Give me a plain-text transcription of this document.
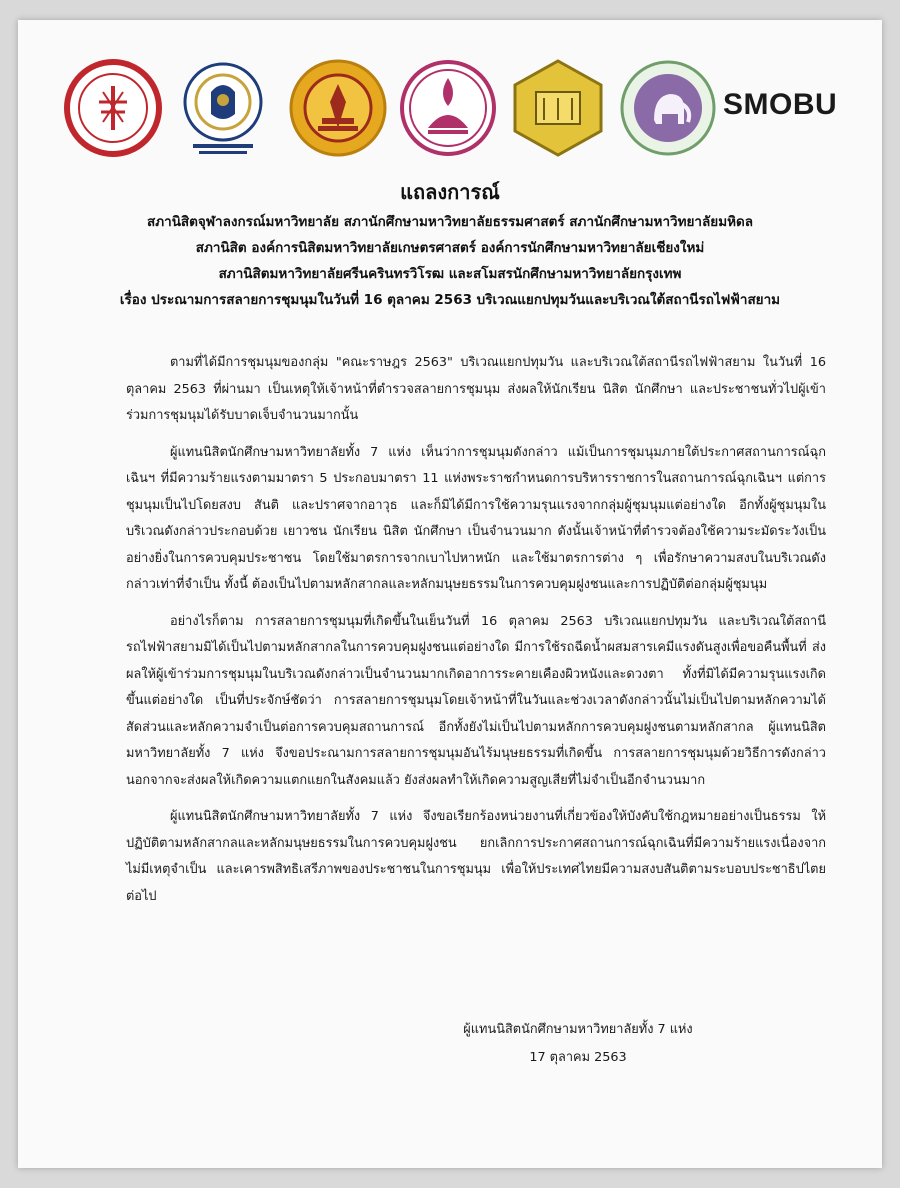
SMOBU
แถลงการณ์
สภานิสิตจุฬาลงกรณ์มหาวิทยาลัย สภานักศึกษามหาวิทยาลัยธรรมศาสตร์ สภานักศึกษามหาวิทยาลัยมหิดล
สภานิสิต องค์การนิสิตมหาวิทยาลัยเกษตรศาสตร์ องค์การนักศึกษามหาวิทยาลัยเชียงใหม่
สภานิสิตมหาวิทยาลัยศรีนครินทรวิโรฒ และสโมสรนักศึกษามหาวิทยาลัยกรุงเทพ
เรื่อง ประณามการสลายการชุมนุมในวันที่ 16 ตุลาคม 2563 บริเวณแยกปทุมวันและบริเวณใต้สถานีรถไฟฟ้าสยาม

ตามที่ได้มีการชุมนุมของกลุ่ม "คณะราษฎร 2563" บริเวณแยกปทุมวัน และบริเวณใต้สถานีรถไฟฟ้าสยาม ในวันที่ 16 ตุลาคม 2563 ที่ผ่านมา เป็นเหตุให้เจ้าหน้าที่ตำรวจสลายการชุมนุม ส่งผลให้นักเรียน นิสิต นักศึกษา และประชาชนทั่วไปผู้เข้าร่วมการชุมนุมได้รับบาดเจ็บจำนวนมากนั้น

ผู้แทนนิสิตนักศึกษามหาวิทยาลัยทั้ง 7 แห่ง เห็นว่าการชุมนุมดังกล่าว แม้เป็นการชุมนุมภายใต้ประกาศสถานการณ์ฉุกเฉินฯ ที่มีความร้ายแรงตามมาตรา 5 ประกอบมาตรา 11 แห่งพระราชกำหนดการบริหารราชการในสถานการณ์ฉุกเฉินฯ แต่การชุมนุมเป็นไปโดยสงบ สันติ และปราศจากอาวุธ และก็มิได้มีการใช้ความรุนแรงจากกลุ่มผู้ชุมนุมแต่อย่างใด อีกทั้งผู้ชุมนุมในบริเวณดังกล่าวประกอบด้วย เยาวชน นักเรียน นิสิต นักศึกษา เป็นจำนวนมาก ดังนั้นเจ้าหน้าที่ตำรวจต้องใช้ความระมัดระวังเป็นอย่างยิ่งในการควบคุมประชาชน โดยใช้มาตรการจากเบาไปหาหนัก และใช้มาตรการต่าง ๆ เพื่อรักษาความสงบในบริเวณดังกล่าวเท่าที่จำเป็น ทั้งนี้ ต้องเป็นไปตามหลักสากลและหลักมนุษยธรรมในการควบคุมฝูงชนและการปฏิบัติต่อกลุ่มผู้ชุมนุม

อย่างไรก็ตาม การสลายการชุมนุมที่เกิดขึ้นในเย็นวันที่ 16 ตุลาคม 2563 บริเวณแยกปทุมวัน และบริเวณใต้สถานีรถไฟฟ้าสยามมิได้เป็นไปตามหลักสากลในการควบคุมฝูงชนแต่อย่างใด มีการใช้รถฉีดน้ำผสมสารเคมีแรงดันสูงเพื่อขอคืนพื้นที่ ส่งผลให้ผู้เข้าร่วมการชุมนุมในบริเวณดังกล่าวเป็นจำนวนมากเกิดอาการระคายเคืองผิวหนังและดวงตา ทั้งที่มิได้มีความรุนแรงเกิดขึ้นแต่อย่างใด เป็นที่ประจักษ์ชัดว่า การสลายการชุมนุมโดยเจ้าหน้าที่ในวันและช่วงเวลาดังกล่าวนั้นไม่เป็นไปตามหลักความได้สัดส่วนและหลักความจำเป็นต่อการควบคุมสถานการณ์ อีกทั้งยังไม่เป็นไปตามหลักการควบคุมฝูงชนตามหลักสากล ผู้แทนนิสิตมหาวิทยาลัยทั้ง 7 แห่ง จึงขอประณามการสลายการชุมนุมอันไร้มนุษยธรรมที่เกิดขึ้น การสลายการชุมนุมด้วยวิธีการดังกล่าว นอกจากจะส่งผลให้เกิดความแตกแยกในสังคมแล้ว ยังส่งผลทำให้เกิดความสูญเสียที่ไม่จำเป็นอีกจำนวนมาก

ผู้แทนนิสิตนักศึกษามหาวิทยาลัยทั้ง 7 แห่ง จึงขอเรียกร้องหน่วยงานที่เกี่ยวข้องให้บังคับใช้กฎหมายอย่างเป็นธรรม ให้ปฏิบัติตามหลักสากลและหลักมนุษยธรรมในการควบคุมฝูงชน ยกเลิกการประกาศสถานการณ์ฉุกเฉินที่มีความร้ายแรงเนื่องจากไม่มีเหตุจำเป็น และเคารพสิทธิเสรีภาพของประชาชนในการชุมนุม เพื่อให้ประเทศไทยมีความสงบสันติตามระบอบประชาธิปไตยต่อไป

ผู้แทนนิสิตนักศึกษามหาวิทยาลัยทั้ง 7 แห่ง
17 ตุลาคม 2563
